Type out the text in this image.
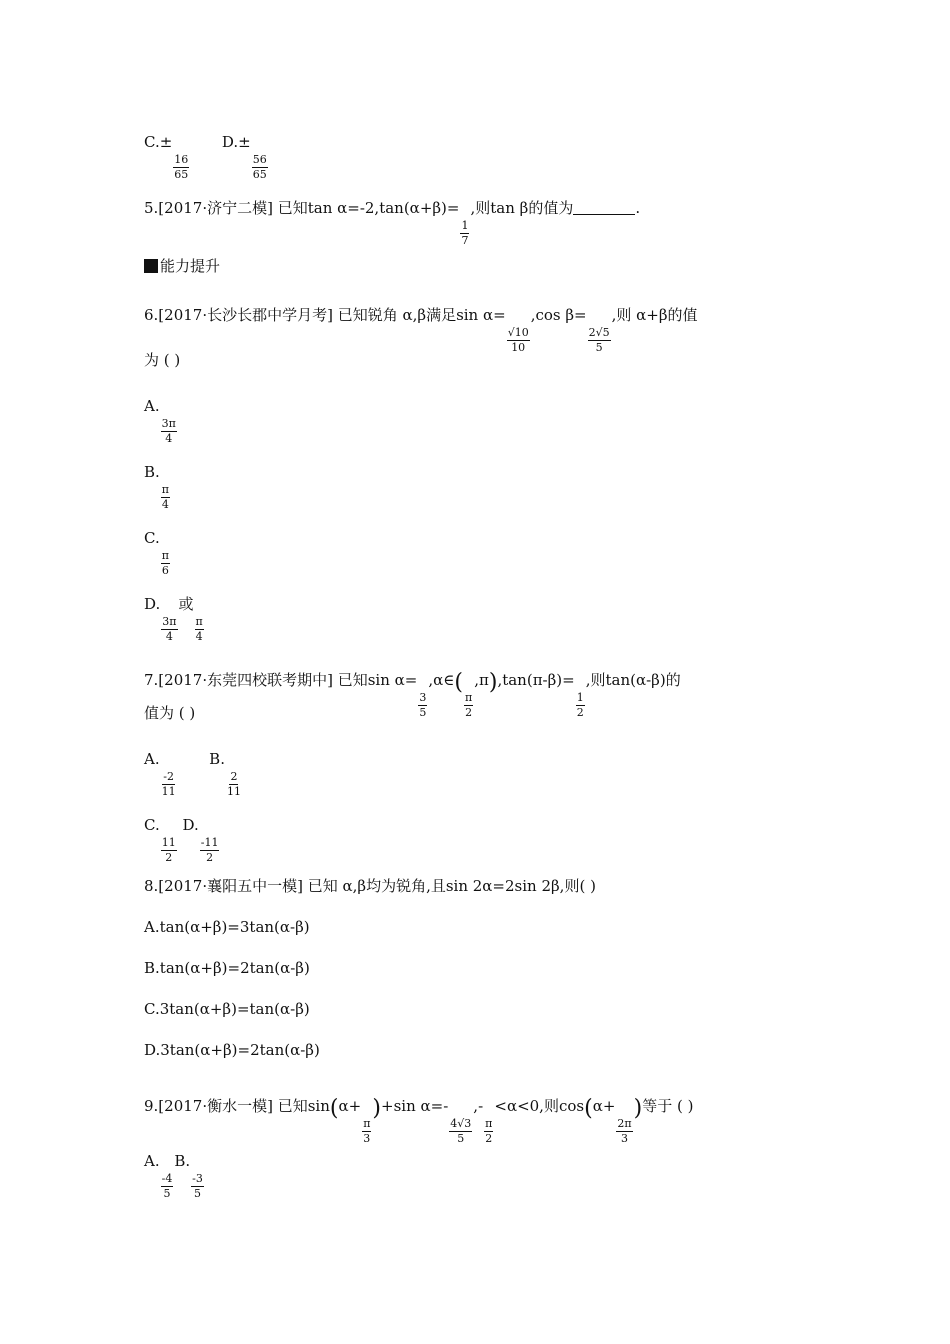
C.±
$\frac{16}{65}$
D.±
$\frac{56}{65}$
5.[2017·济宁二模] 已知tan α=-2,tan(α+β)=
$\frac{1}{7}$
,则tan β的值为	.
能力提升
6.[2017·长沙长郡中学月考] 已知锐角 α,β满足sin α=
$\frac{√10}{10}$
,cos β=
$\frac{2√5}{5}$
,则 α+β的值
为 ( )
A.
$\frac{3\pi}{4}$
B.
$\frac{\pi}{4}$
C.
$\frac{\pi}{6}$
D.
$\frac{3\pi}{4}$
或
$\frac{\pi}{4}$
7.[2017·东莞四校联考期中] 已知sin α=
$\frac{3}{5}$
,α∈(
$\frac{\pi}{2}$
,π),tan(π-β)=
$\frac{1}{2}$
,则tan(α-β)的
值为 ( )
A.
$\frac{-2}{11}$
B.
$\frac{2}{11}$
C.
$\frac{11}{2}$
D.
$\frac{-11}{2}$
8.[2017·襄阳五中一模] 已知 α,β均为锐角,且sin 2α=2sin 2β,则( )
A.tan(α+β)=3tan(α-β)
B.tan(α+β)=2tan(α-β)
C.3tan(α+β)=tan(α-β)
D.3tan(α+β)=2tan(α-β)
9.[2017·衡水一模] 已知sin(α+
$\frac{\pi}{3}$
)+sin α=-
$\frac{4√3}{5}$
,-
$\frac{\pi}{2}$
<α<0,则cos(α+
$\frac{2\pi}{3}$
)等于 ( )
A.
$\frac{-4}{5}$
B.
$\frac{-3}{5}$
